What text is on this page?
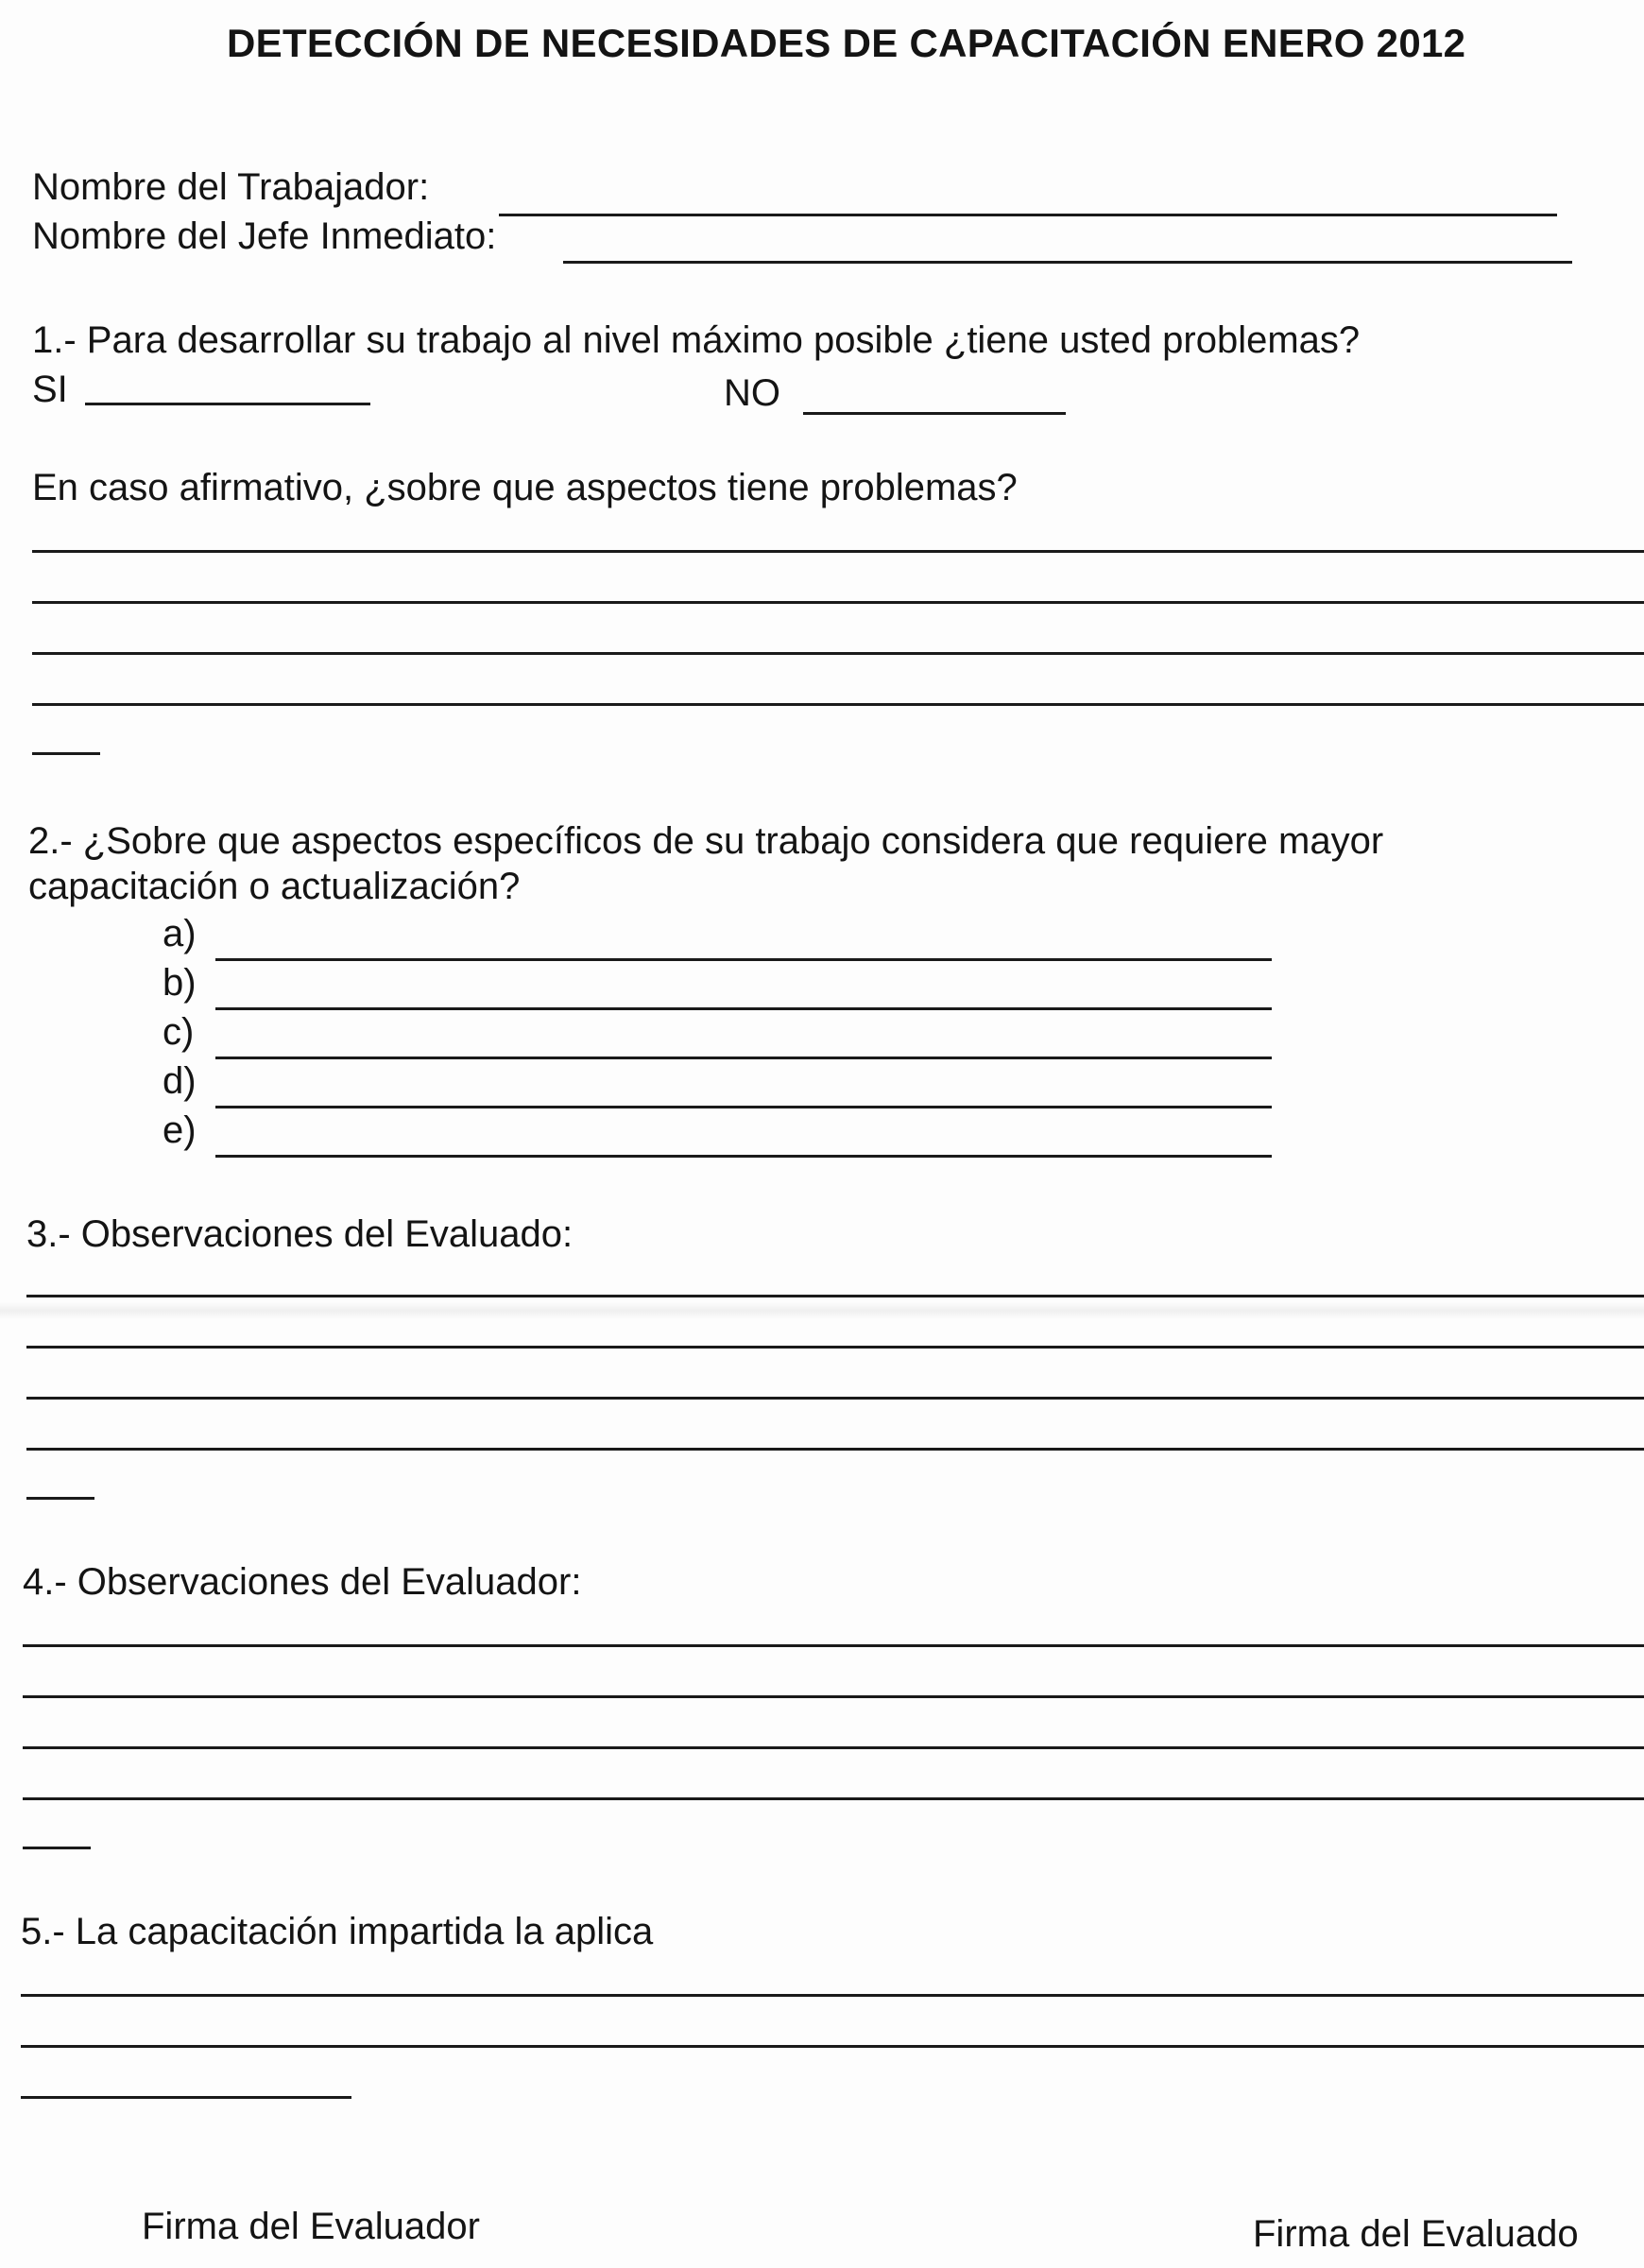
DETECCIÓN DE NECESIDADES DE CAPACITACIÓN ENERO 2012
Nombre del Trabajador:
Nombre del Jefe Inmediato:
1.- Para desarrollar su trabajo al nivel máximo posible ¿tiene usted problemas?
SI	NO
En caso afirmativo, ¿sobre que aspectos tiene problemas?
2.- ¿Sobre que aspectos específicos de su trabajo considera que requiere mayor
capacitación o actualización?
a)
b)
c)
d)
e)
3.- Observaciones del Evaluado:
4.- Observaciones del Evaluador:
5.- La capacitación impartida la aplica
Firma del Evaluador	Firma del Evaluado
